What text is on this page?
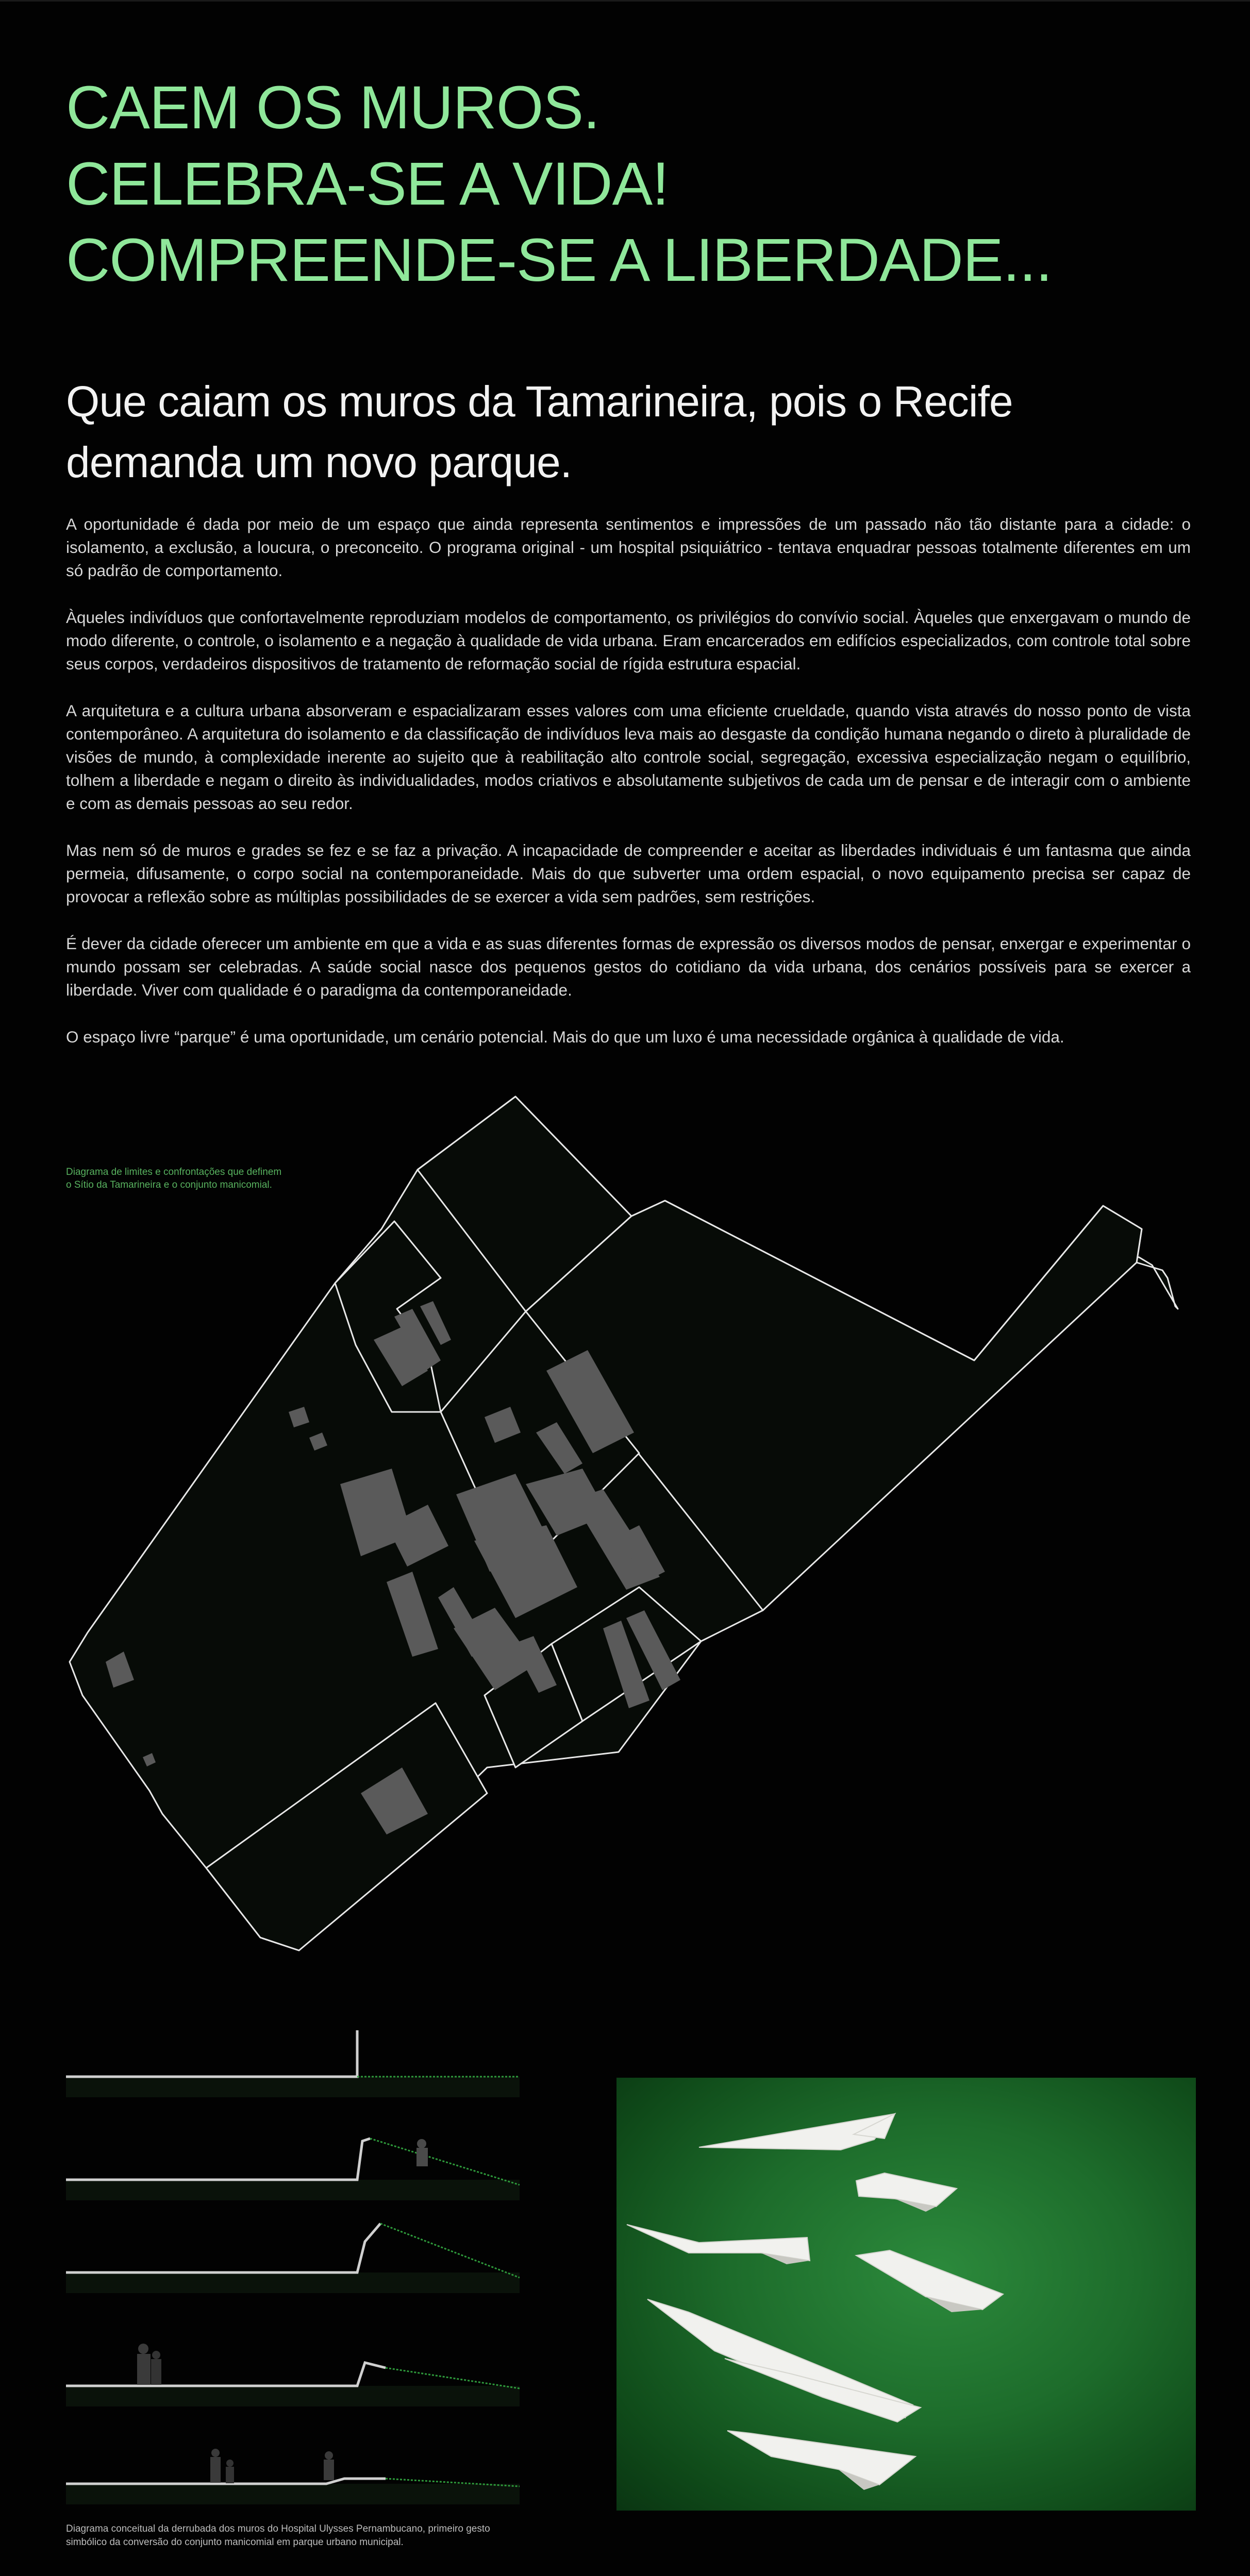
CAEM OS MUROS.
CELEBRA-SE A VIDA!
COMPREENDE-SE A LIBERDADE...
Que caiam os muros da Tamarineira, pois o Recife demanda um novo parque.

A oportunidade é dada por meio de um espaço que ainda representa sentimentos e impressões de um passado não tão distante para a cidade: o isolamento, a exclusão, a loucura, o preconceito. O programa original - um hospital psiquiátrico - tentava enquadrar pessoas totalmente diferentes em um só padrão de comportamento.

Àqueles indivíduos que confortavelmente reproduziam modelos de comportamento, os privilégios do convívio social. Àqueles que enxergavam o mundo de modo diferente, o controle, o isolamento e a negação à qualidade de vida urbana. Eram encarcerados em edifícios especializados, com controle total sobre seus corpos, verdadeiros dispositivos de tratamento de reformação social de rígida estrutura espacial.

A arquitetura e a cultura urbana absorveram e espacializaram esses valores com uma eficiente crueldade, quando vista através do nosso ponto de vista contemporâneo. A arquitetura do isolamento e da classificação de indivíduos leva mais ao desgaste da condição humana negando o direto à pluralidade de visões de mundo, à complexidade inerente ao sujeito que à reabilitação alto controle social, segregação, excessiva especialização negam o equilíbrio, tolhem a liberdade e negam o direito às individualidades, modos criativos e absolutamente subjetivos de cada um de pensar e de interagir com o ambiente e com as demais pessoas ao seu redor.

Mas nem só de muros e grades se fez e se faz a privação. A incapacidade de compreender e aceitar as liberdades individuais é um fantasma que ainda permeia, difusamente, o corpo social na contemporaneidade. Mais do que subverter uma ordem espacial, o novo equipamento precisa ser capaz de provocar a reflexão sobre as múltiplas possibilidades de se exercer a vida sem padrões, sem restrições.

É dever da cidade oferecer um ambiente em que a vida e as suas diferentes formas de expressão os diversos modos de pensar, enxergar e experimentar o mundo possam ser celebradas. A saúde social nasce dos pequenos gestos do cotidiano da vida urbana, dos cenários possíveis para se exercer a liberdade. Viver com qualidade é o paradigma da contemporaneidade.

O espaço livre “parque” é uma oportunidade, um cenário potencial. Mais do que um luxo é uma necessidade orgânica à qualidade de vida.

Diagrama de limites e confrontações que definem o Sítio da Tamarineira e o conjunto manicomial.
Diagrama conceitual da derrubada dos muros do Hospital Ulysses Pernambucano, primeiro gesto simbólico da conversão do conjunto manicomial em parque urbano municipal.
